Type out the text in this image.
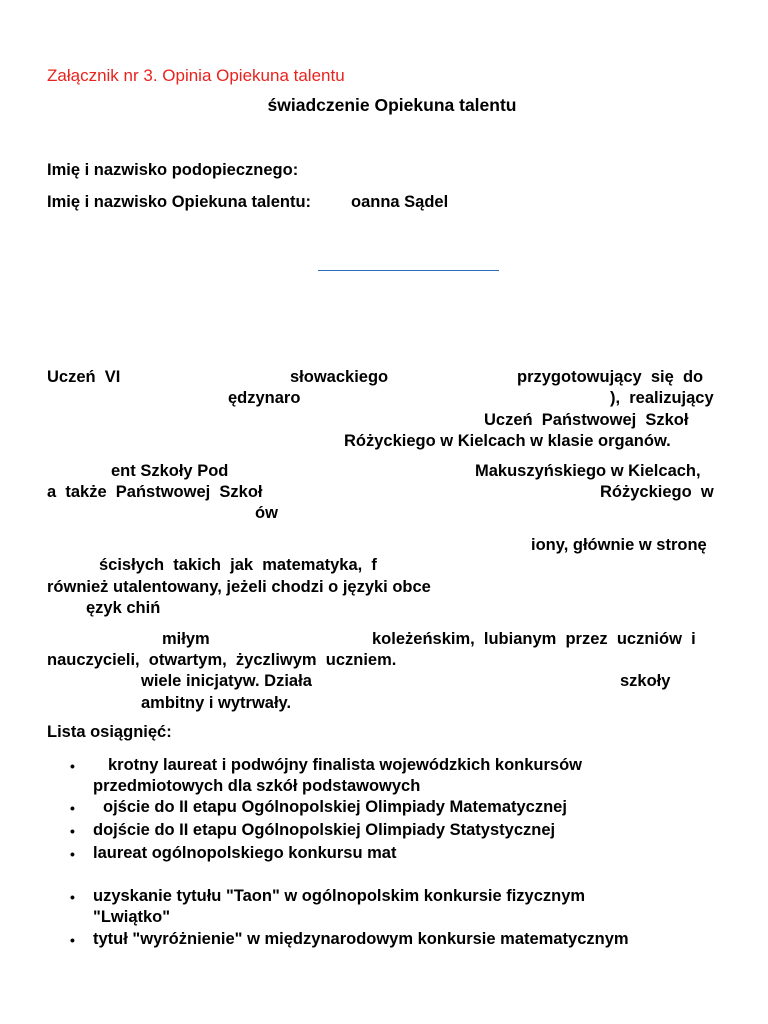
Załącznik nr 3. Opinia Opiekuna talentu
świadczenie Opiekuna talentu
Imię i nazwisko podopiecznego:
Imię i nazwisko Opiekuna talentu: oanna Sądel
Uczeń  VI	słowackiego	przygotowujący  się  do
ędzynaro	),  realizujący
Uczeń  Państwowej  Szkoł
Różyckiego w Kielcach w klasie organów.
ent Szkoły Pod	Makuszyńskiego w Kielcach,
a  także  Państwowej  Szkoł	Różyckiego  w
ów
iony, głównie w stronę
ścisłych  takich  jak  matematyka,  f
również utalentowany, jeżeli chodzi o języki obce
ęzyk chiń
miłym	koleżeńskim,  lubianym  przez  uczniów  i
nauczycieli,  otwartym,  życzliwym  uczniem.
wiele inicjatyw. Działa	szkoły
ambitny i wytrwały.
Lista osiągnięć:
• krotny laureat i podwójny finalista wojewódzkich konkursów
przedmiotowych dla szkół podstawowych
• ojście do II etapu Ogólnopolskiej Olimpiady Matematycznej
• dojście do II etapu Ogólnopolskiej Olimpiady Statystycznej
• laureat ogólnopolskiego konkursu mat
• uzyskanie tytułu "Taon" w ogólnopolskim konkursie fizycznym
"Lwiątko"
• tytuł "wyróżnienie" w międzynarodowym konkursie matematycznym
